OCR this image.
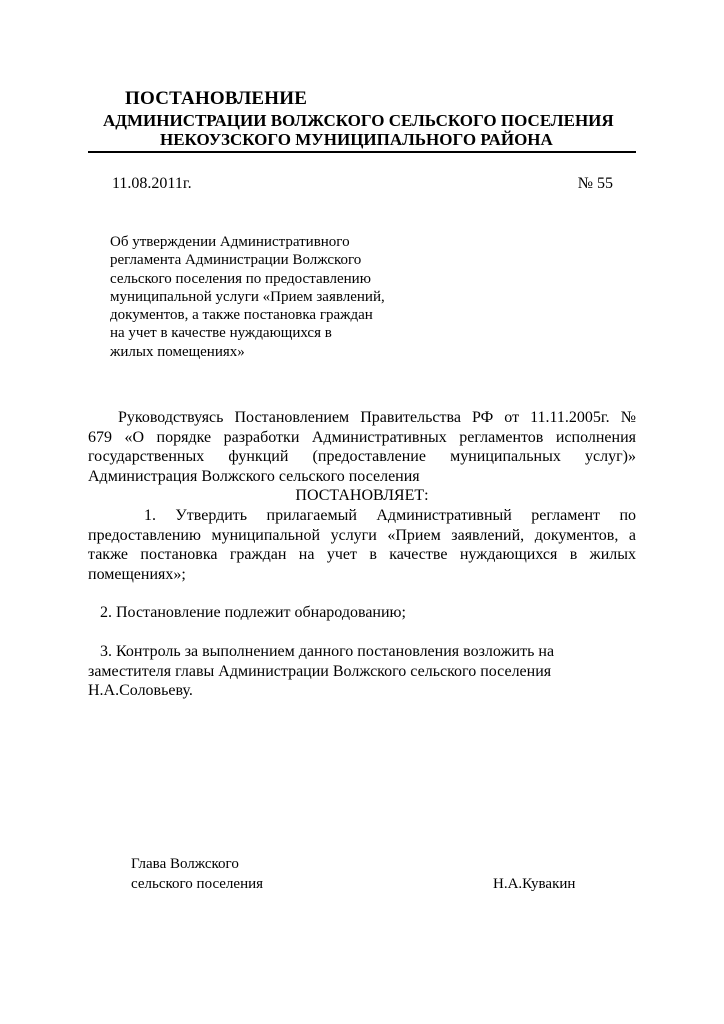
ПОСТАНОВЛЕНИЕ
АДМИНИСТРАЦИИ ВОЛЖСКОГО СЕЛЬСКОГО ПОСЕЛЕНИЯ
НЕКОУЗСКОГО МУНИЦИПАЛЬНОГО РАЙОНА
11.08.2011г.	№ 55
Об утверждении Административного
регламента Администрации Волжского
сельского поселения по предоставлению
муниципальной услуги «Прием заявлений,
документов, а также постановка граждан
на учет в качестве нуждающихся в
жилых помещениях»
Руководствуясь Постановлением Правительства РФ от 11.11.2005г. №
679 «О порядке разработки Административных регламентов исполнения
государственных функций (предоставление муниципальных услуг)»
Администрация Волжского сельского поселения
ПОСТАНОВЛЯЕТ:
1. Утвердить прилагаемый Административный регламент по
предоставлению муниципальной услуги «Прием заявлений, документов, а
также постановка граждан на учет в качестве нуждающихся в жилых
помещениях»;
2. Постановление подлежит обнародованию;
3. Контроль за выполнением данного постановления возложить на
заместителя главы Администрации Волжского сельского поселения
Н.А.Соловьеву.
Глава Волжского
сельского поселения	Н.А.Кувакин
